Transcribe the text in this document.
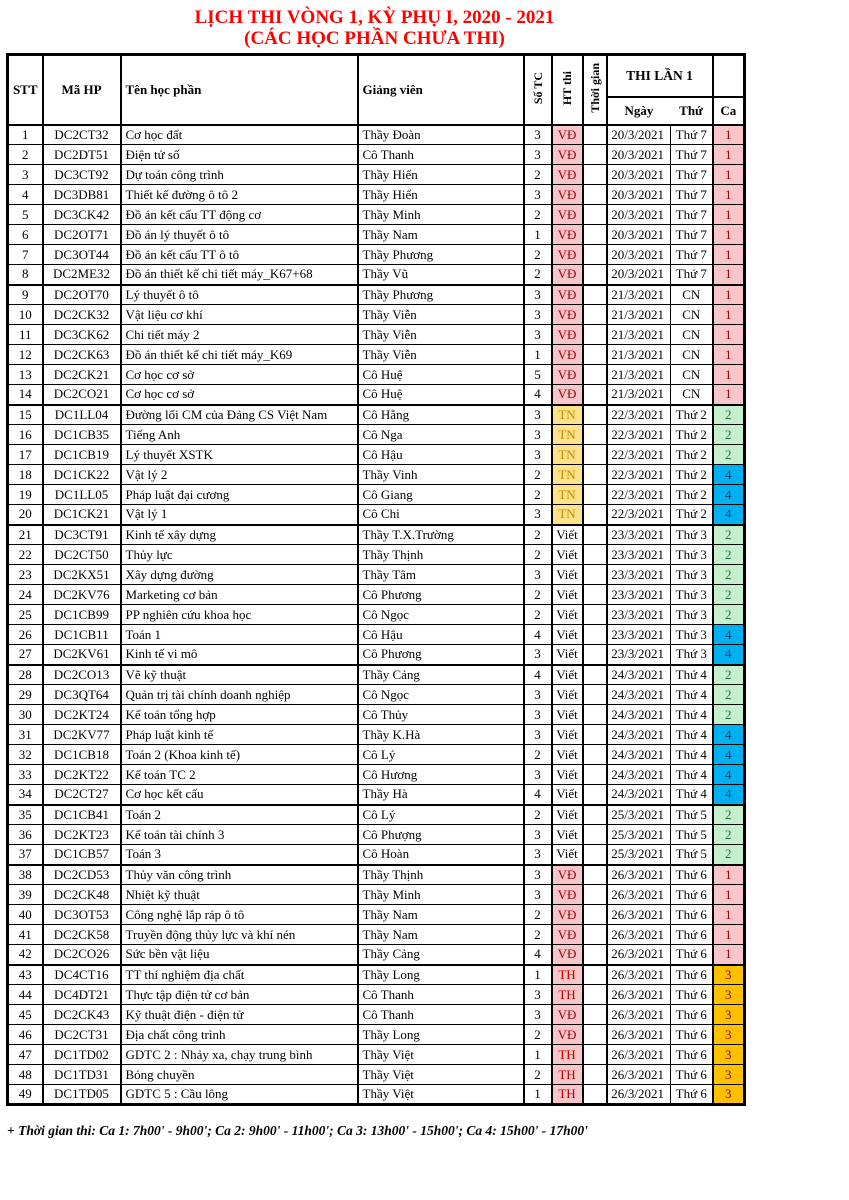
LỊCH THI VÒNG 1, KỲ PHỤ I, 2020 - 2021
(CÁC HỌC PHẦN CHƯA THI)
STT	Mã HP	Tên học phần	Giảng viên	Số TC	HT thi	Thời gian	THI LẦN 1		
							Ngày	Thứ	Ca
1	DC2CT32	Cơ học đất	Thầy Đoàn	3	VĐ		20/3/2021	Thứ 7	1
2	DC2DT51	Điện tử số	Cô Thanh	3	VĐ		20/3/2021	Thứ 7	1
3	DC3CT92	Dự toán công trình	Thầy Hiển	2	VĐ		20/3/2021	Thứ 7	1
4	DC3DB81	Thiết kế đường ô tô 2	Thầy Hiển	3	VĐ		20/3/2021	Thứ 7	1
5	DC3CK42	Đồ án kết cấu TT động cơ	Thầy Minh	2	VĐ		20/3/2021	Thứ 7	1
6	DC2OT71	Đồ án lý thuyết ô tô	Thầy Nam	1	VĐ		20/3/2021	Thứ 7	1
7	DC3OT44	Đồ án kết cấu TT ô tô	Thầy Phương	2	VĐ		20/3/2021	Thứ 7	1
8	DC2ME32	Đồ án thiết kế chi tiết máy_K67+68	Thầy Vũ	2	VĐ		20/3/2021	Thứ 7	1
9	DC2OT70	Lý thuyết ô tô	Thầy Phương	3	VĐ		21/3/2021	CN	1
10	DC2CK32	Vật liệu cơ khí	Thầy Viễn	3	VĐ		21/3/2021	CN	1
11	DC3CK62	Chi tiết máy 2	Thầy Viễn	3	VĐ		21/3/2021	CN	1
12	DC2CK63	Đồ án thiết kế chi tiết máy_K69	Thầy Viễn	1	VĐ		21/3/2021	CN	1
13	DC2CK21	Cơ học cơ sở	Cô Huệ	5	VĐ		21/3/2021	CN	1
14	DC2CO21	Cơ học cơ sở	Cô Huệ	4	VĐ		21/3/2021	CN	1
15	DC1LL04	Đường lối CM của Đảng CS Việt Nam	Cô Hằng	3	TN		22/3/2021	Thứ 2	2
16	DC1CB35	Tiếng Anh	Cô Nga	3	TN		22/3/2021	Thứ 2	2
17	DC1CB19	Lý thuyết XSTK	Cô Hậu	3	TN		22/3/2021	Thứ 2	2
18	DC1CK22	Vật lý 2	Thầy Vinh	2	TN		22/3/2021	Thứ 2	4
19	DC1LL05	Pháp luật đại cương	Cô Giang	2	TN		22/3/2021	Thứ 2	4
20	DC1CK21	Vật lý 1	Cô Chi	3	TN		22/3/2021	Thứ 2	4
21	DC3CT91	Kinh tế xây dựng	Thầy T.X.Trường	2	Viết		23/3/2021	Thứ 3	2
22	DC2CT50	Thủy lực	Thầy Thịnh	2	Viết		23/3/2021	Thứ 3	2
23	DC2KX51	Xây dựng đường	Thầy Tâm	3	Viết		23/3/2021	Thứ 3	2
24	DC2KV76	Marketing cơ bản	Cô Phương	2	Viết		23/3/2021	Thứ 3	2
25	DC1CB99	PP nghiên cứu khoa học	Cô Ngọc	2	Viết		23/3/2021	Thứ 3	2
26	DC1CB11	Toán 1	Cô Hậu	4	Viết		23/3/2021	Thứ 3	4
27	DC2KV61	Kinh tế vi mô	Cô Phương	3	Viết		23/3/2021	Thứ 3	4
28	DC2CO13	Vẽ kỹ thuật	Thầy Cảng	4	Viết		24/3/2021	Thứ 4	2
29	DC3QT64	Quản trị tài chính doanh nghiệp	Cô Ngọc	3	Viết		24/3/2021	Thứ 4	2
30	DC2KT24	Kế toán tổng hợp	Cô Thủy	3	Viết		24/3/2021	Thứ 4	2
31	DC2KV77	Pháp luật kinh tế	Thầy K.Hà	3	Viết		24/3/2021	Thứ 4	4
32	DC1CB18	Toán 2 (Khoa kinh tế)	Cô Lý	2	Viết		24/3/2021	Thứ 4	4
33	DC2KT22	Kế toán TC 2	Cô Hương	3	Viết		24/3/2021	Thứ 4	4
34	DC2CT27	Cơ học kết cấu	Thầy Hà	4	Viết		24/3/2021	Thứ 4	4
35	DC1CB41	Toán 2	Cô Lý	2	Viết		25/3/2021	Thứ 5	2
36	DC2KT23	Kế toán tài chính 3	Cô Phượng	3	Viết		25/3/2021	Thứ 5	2
37	DC1CB57	Toán 3	Cô Hoàn	3	Viết		25/3/2021	Thứ 5	2
38	DC2CD53	Thủy văn công trình	Thầy Thịnh	3	VĐ		26/3/2021	Thứ 6	1
39	DC2CK48	Nhiệt kỹ thuật	Thầy Minh	3	VĐ		26/3/2021	Thứ 6	1
40	DC3OT53	Công nghệ lắp ráp ô tô	Thầy Nam	2	VĐ		26/3/2021	Thứ 6	1
41	DC2CK58	Truyền động thủy lực và khí nén	Thầy Nam	2	VĐ		26/3/2021	Thứ 6	1
42	DC2CO26	Sức bền vật liệu	Thầy Cảng	4	VĐ		26/3/2021	Thứ 6	1
43	DC4CT16	TT thí nghiệm địa chất	Thầy Long	1	TH		26/3/2021	Thứ 6	3
44	DC4DT21	Thực tập điện tử cơ bản	Cô Thanh	3	TH		26/3/2021	Thứ 6	3
45	DC2CK43	Kỹ thuật điện - điện tử	Cô Thanh	3	VĐ		26/3/2021	Thứ 6	3
46	DC2CT31	Địa chất công trình	Thầy Long	2	VĐ		26/3/2021	Thứ 6	3
47	DC1TD02	GDTC 2 : Nhảy xa, chạy trung bình	Thầy Việt	1	TH		26/3/2021	Thứ 6	3
48	DC1TD31	Bóng chuyền	Thầy Việt	2	TH		26/3/2021	Thứ 6	3
49	DC1TD05	GDTC 5 : Cầu lông	Thầy Việt	1	TH		26/3/2021	Thứ 6	3
+ Thời gian thi: Ca 1: 7h00' - 9h00'; Ca 2: 9h00' - 11h00'; Ca 3: 13h00' - 15h00'; Ca 4: 15h00' - 17h00'
